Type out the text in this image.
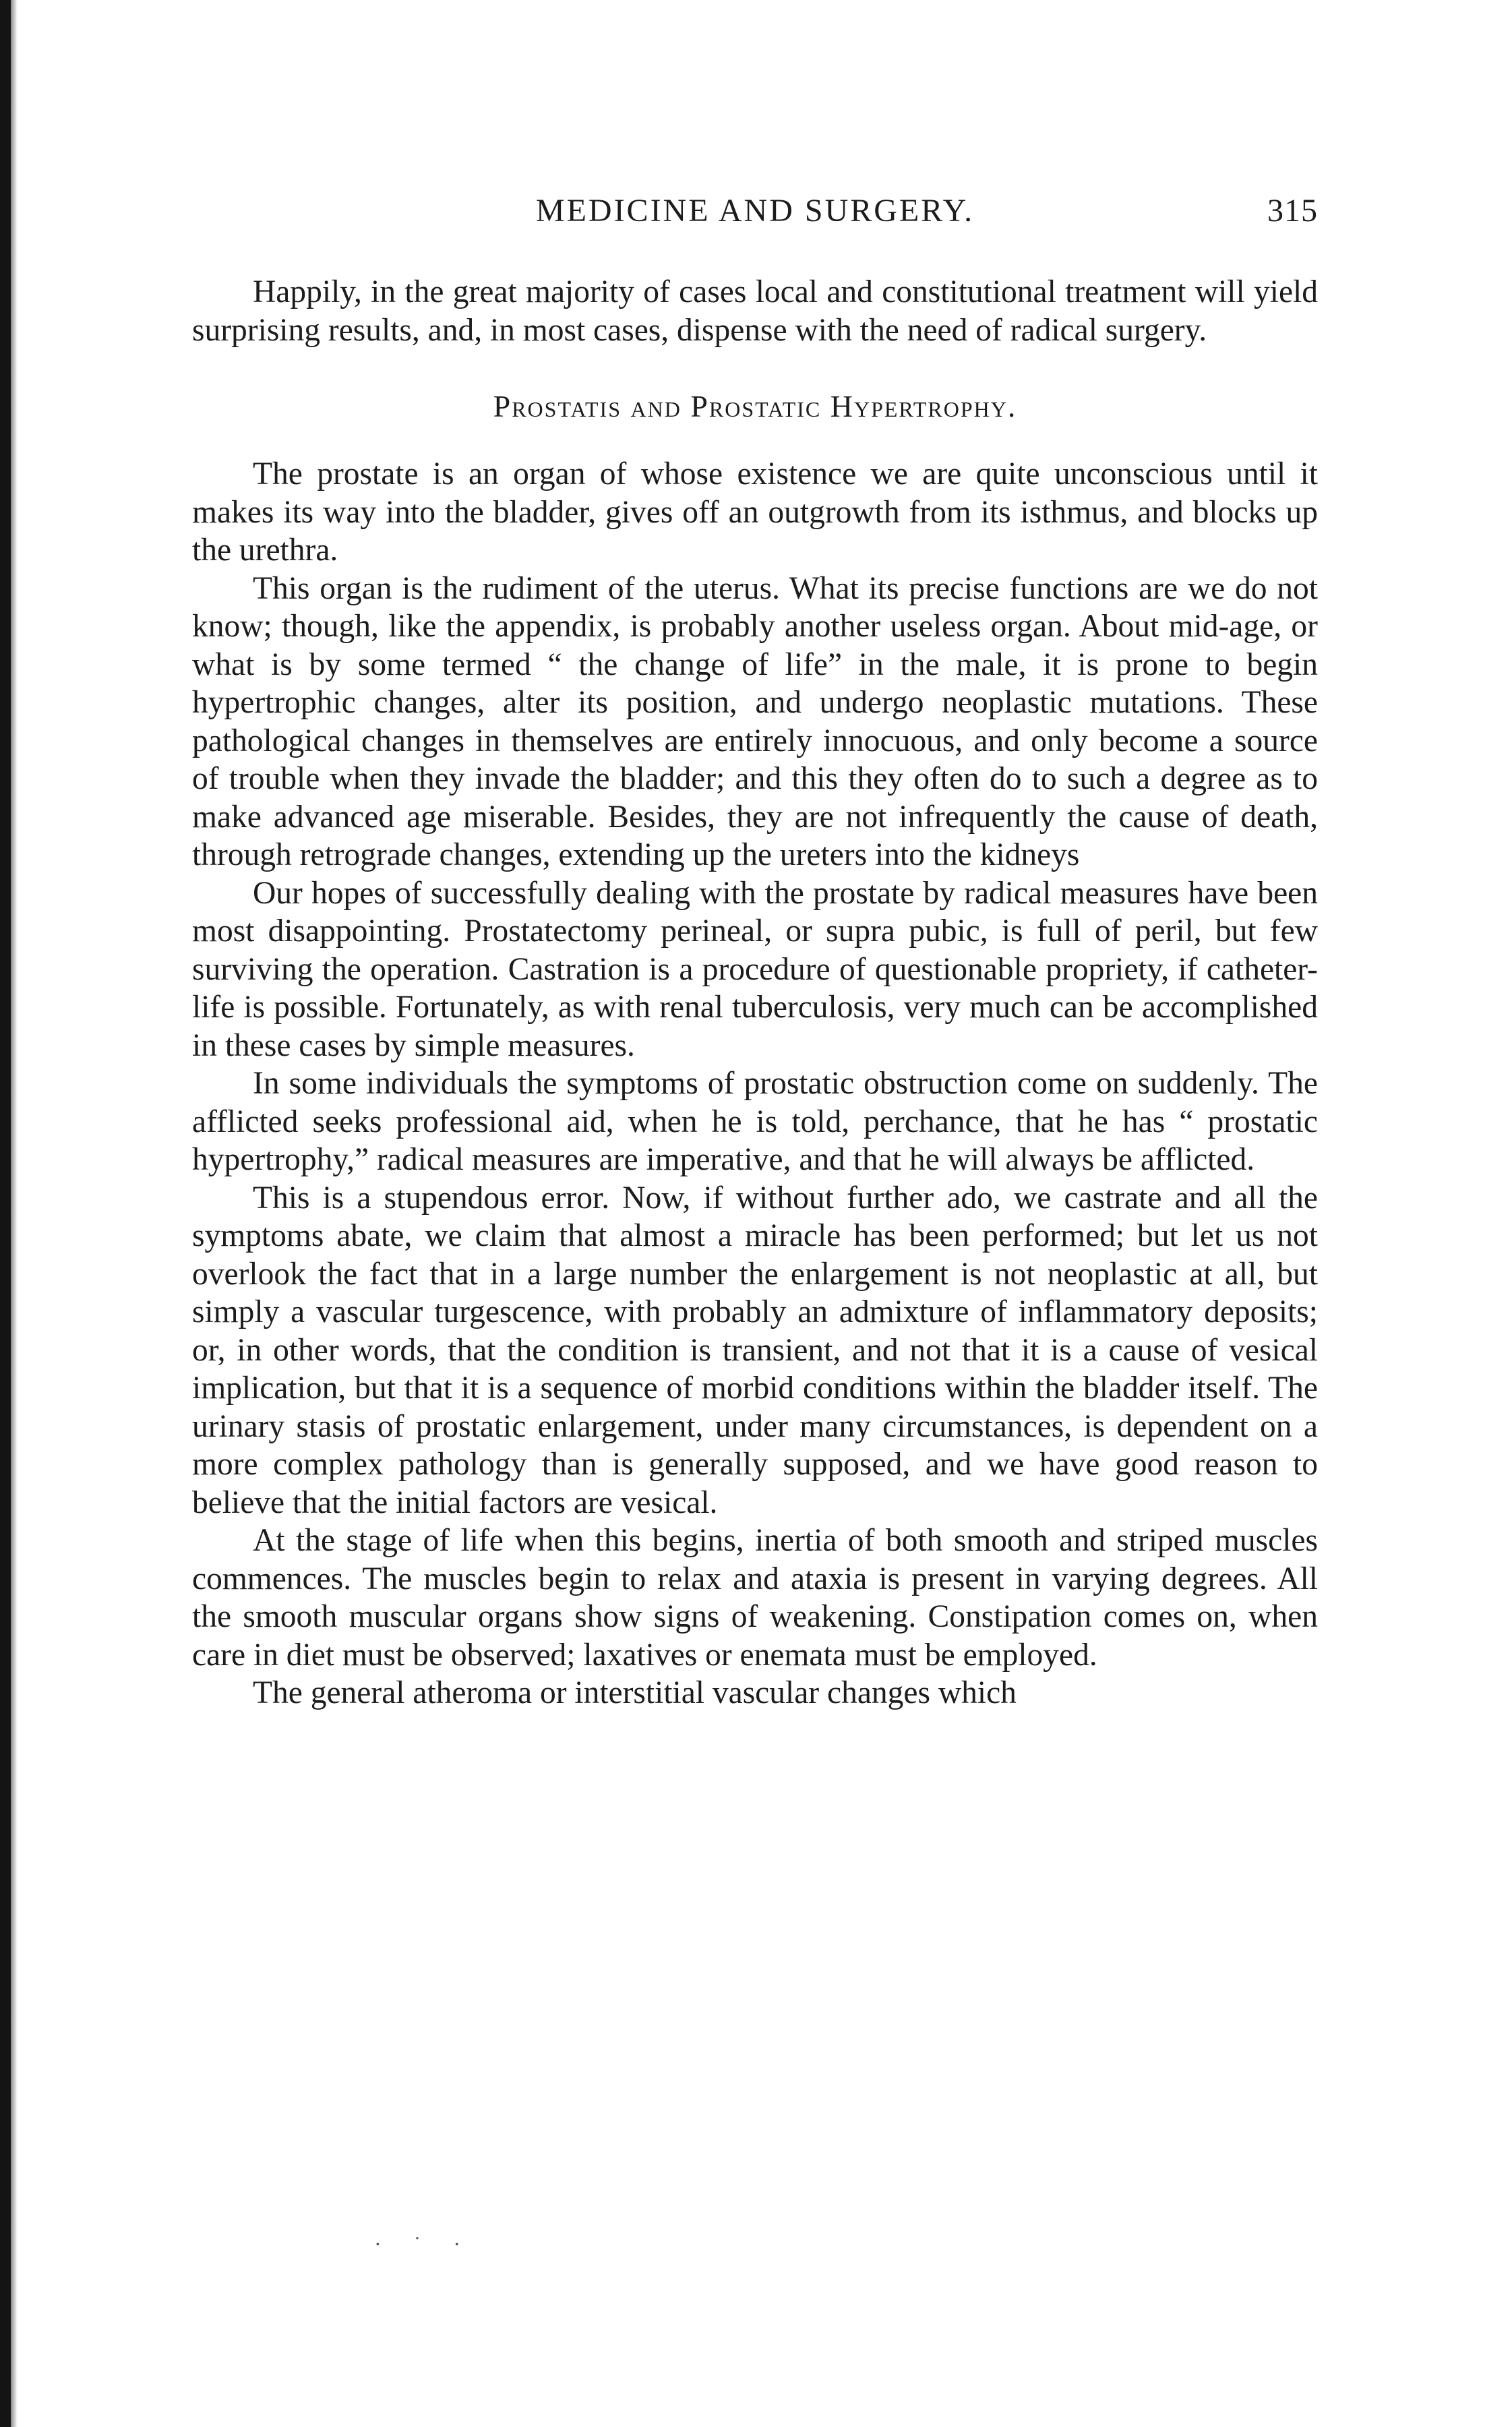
MEDICINE AND SURGERY.	315

Happily, in the great majority of cases local and constitutional treatment will yield surprising results, and, in most cases, dispense with the need of radical surgery.

Prostatis and Prostatic Hypertrophy.

The prostate is an organ of whose existence we are quite unconscious until it makes its way into the bladder, gives off an outgrowth from its isthmus, and blocks up the urethra.

This organ is the rudiment of the uterus. What its precise functions are we do not know; though, like the appendix, is probably another useless organ. About mid-age, or what is by some termed “ the change of life” in the male, it is prone to begin hypertrophic changes, alter its position, and undergo neoplastic mutations. These pathological changes in themselves are entirely innocuous, and only become a source of trouble when they invade the bladder; and this they often do to such a degree as to make advanced age miserable. Besides, they are not infrequently the cause of death, through retrograde changes, extending up the ureters into the kidneys

Our hopes of successfully dealing with the prostate by radical measures have been most disappointing. Prostatectomy perineal, or supra pubic, is full of peril, but few surviving the operation. Castration is a procedure of questionable propriety, if catheter-life is possible. Fortunately, as with renal tuberculosis, very much can be accomplished in these cases by simple measures.

In some individuals the symptoms of prostatic obstruction come on suddenly. The afflicted seeks professional aid, when he is told, perchance, that he has “ prostatic hypertrophy,” radical measures are imperative, and that he will always be afflicted.

This is a stupendous error. Now, if without further ado, we castrate and all the symptoms abate, we claim that almost a miracle has been performed; but let us not overlook the fact that in a large number the enlargement is not neoplastic at all, but simply a vascular turgescence, with probably an admixture of inflammatory deposits; or, in other words, that the condition is transient, and not that it is a cause of vesical implication, but that it is a sequence of morbid conditions within the bladder itself. The urinary stasis of prostatic enlargement, under many circumstances, is dependent on a more complex pathology than is generally supposed, and we have good reason to believe that the initial factors are vesical.

At the stage of life when this begins, inertia of both smooth and striped muscles commences. The muscles begin to relax and ataxia is present in varying degrees. All the smooth muscular organs show signs of weakening. Constipation comes on, when care in diet must be observed; laxatives or enemata must be employed.

The general atheroma or interstitial vascular changes which

· ˙ ·
